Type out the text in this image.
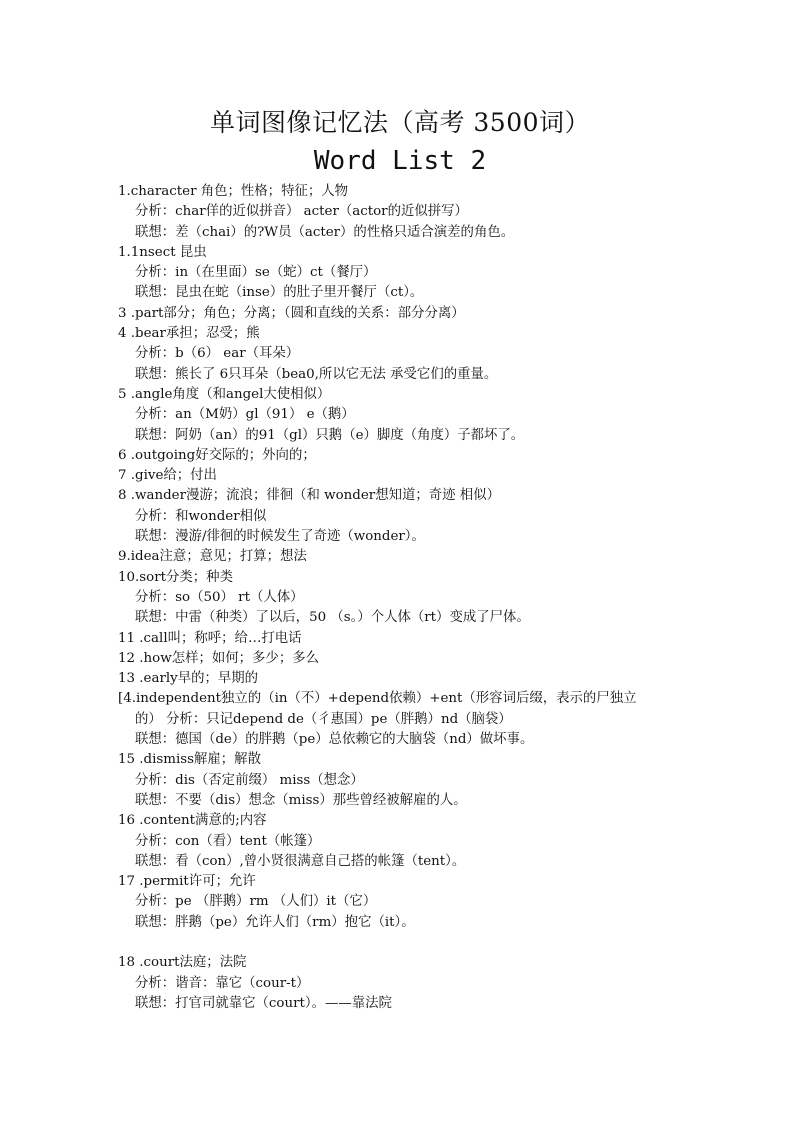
单词图像记忆法（高考 3500词）
Word List 2
1.character 角色；性格；特征；人物
分析：char佯的近似拼音） acter（actor的近似拼写）
联想：差（chai）的?W员（acter）的性格只适合演差的角色。
1.1nsect 昆虫
分析：in（在里面）se（蛇）ct（餐厅）
联想：昆虫在蛇（inse）的肚子里开餐厅（ct）。
3 .part部分；角色；分离；（圆和直线的关系：部分分离）
4 .bear承担；忍受；熊
分析：b（6） ear（耳朵）
联想：熊长了 6只耳朵（bea0,所以它无法 承受它们的重量。
5 .angle角度（和angel大使相似）
分析：an（M奶）gl（91） e（鹅）
联想：阿奶（an）的91（gl）只鹅（e）脚度（角度）子都坏了。
6 .outgoing好交际的；外向的；
7 .give给；付出
8 .wander漫游；流浪；徘徊（和 wonder想知道；奇迹 相似）
分析：和wonder相似
联想：漫游/徘徊的时候发生了奇迹（wonder）。
9.idea注意；意见；打算；想法
10.sort分类；种类
分析：so（50） rt（人体）
联想：中雷（种类）了以后，50 （s。）个人体（rt）变成了尸体。
11 .call叫；称呼；给…打电话
12 .how怎样；如何；多少；多么
13 .early早的；早期的
[4.independent独立的（in（不）+depend依赖）+ent（形容词后缀，表示的尸独立
的） 分析：只记depend de（彳惠国）pe（胖鹅）nd（脑袋）
联想：德国（de）的胖鹅（pe）总依赖它的大脑袋（nd）做坏事。
15 .dismiss解雇；解散
分析：dis（否定前缀） miss（想念）
联想：不要（dis）想念（miss）那些曾经被解雇的人。
16 .content满意的;内容
分析：con（看）tent（帐篷）
联想：看（con）,曾小贤很满意自己搭的帐篷（tent）。
17 .permit许可；允许
分析：pe （胖鹅）rm （人们）it（它）
联想：胖鹅（pe）允许人们（rm）抱它（it）。
18 .court法庭；法院
分析：谐音：靠它（cour-t）
联想：打官司就靠它（court）。——靠法院
